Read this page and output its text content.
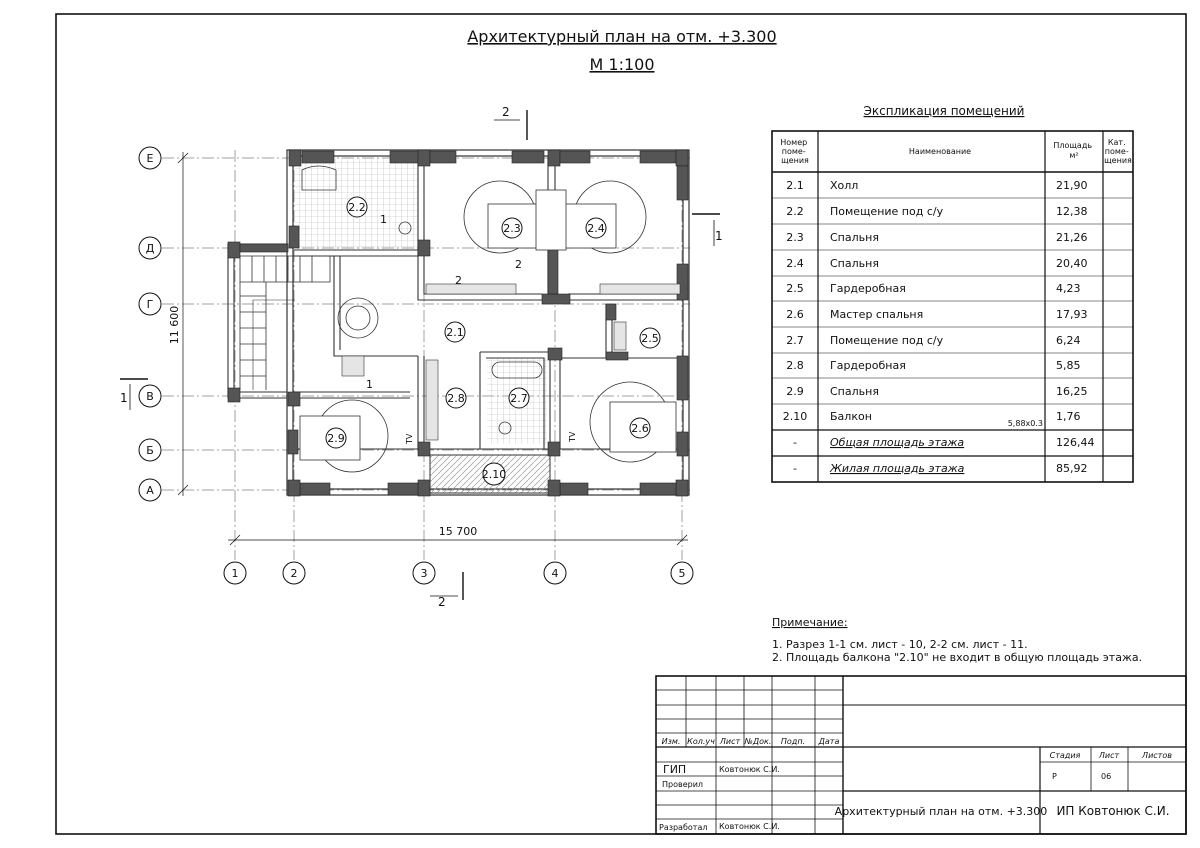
Архитектурный план на отм. +3.300
М 1:100
Е
Д
Г
В
Б
А
1	2	3	4	5
11 600
15 700
2.2
2.3	2.4
2.1	2.5
2.8	2.7
2.9
2.6
2.10
1
1
2
2
TV	TV
2
2
1
1
Экспликация помещений
Номер поме- щения
Наименование
Площадь м²
Кат. поме- щения
2.1 Холл	21,90
2.2 Помещение под с/у	12,38
2.3 Спальня	21,26
2.4 Спальня	20,40
2.5 Гардеробная	4,23
2.6 Мастер спальня	17,93
2.7 Помещение под с/у	6,24
2.8 Гардеробная	5,85
2.9 Спальня	16,25
2.10 Балкон	1,76
5,88x0.3
-	Общая площадь этажа	126,44
-	Жилая площадь этажа	85,92
Примечание:
1. Разрез 1-1 см. лист - 10, 2-2 см. лист - 11.
2. Площадь балкона "2.10" не входит в общую площадь этажа.
Изм. Кол.уч Лист №Док. Подп. Дата
ГИП	Ковтонюк С.И.
Проверил
Разработал Ковтонюк С.И.
Стадия Лист	Листов
Р	06
Архитектурный план на отм. +3.300 ИП Ковтонюк С.И.
